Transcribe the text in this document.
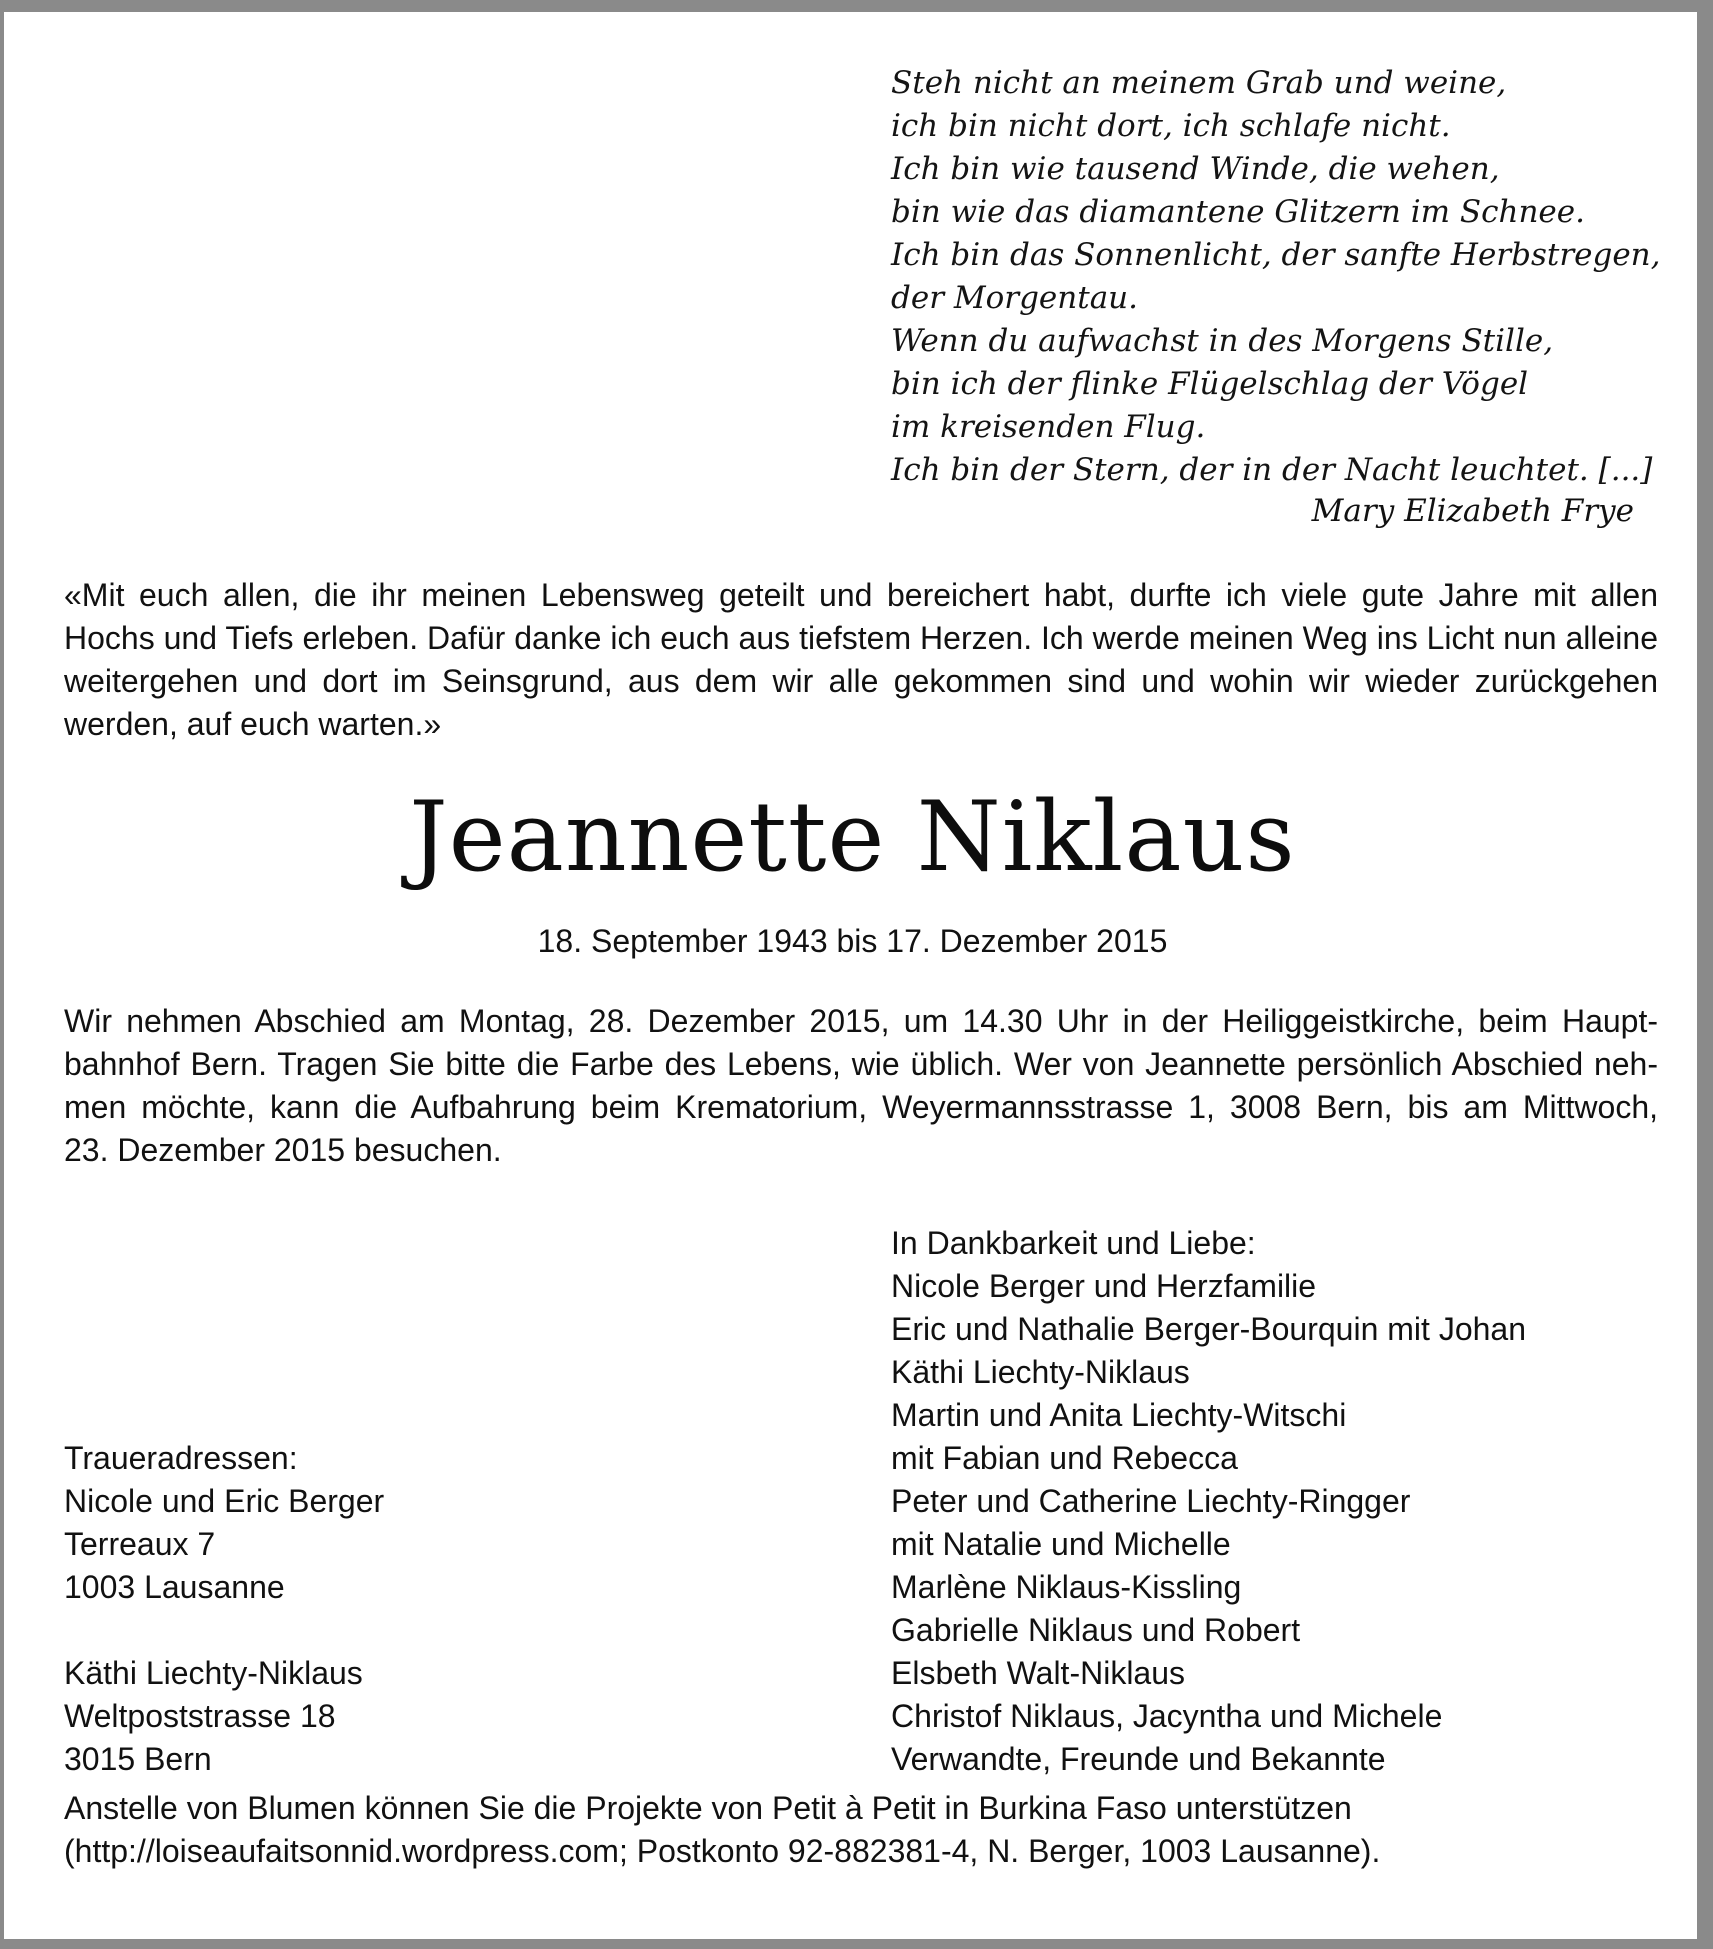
Steh nicht an meinem Grab und weine,
ich bin nicht dort, ich schlafe nicht.
Ich bin wie tausend Winde, die wehen,
bin wie das diamantene Glitzern im Schnee.
Ich bin das Sonnenlicht, der sanfte Herbstregen,
der Morgentau.
Wenn du aufwachst in des Morgens Stille,
bin ich der flinke Flügelschlag der Vögel
im kreisenden Flug.
Ich bin der Stern, der in der Nacht leuchtet. [...]
Mary Elizabeth Frye
«Mit euch allen, die ihr meinen Lebensweg geteilt und bereichert habt, durfte ich viele gute Jahre mit allen
Hochs und Tiefs erleben. Dafür danke ich euch aus tiefstem Herzen. Ich werde meinen Weg ins Licht nun alleine
weitergehen und dort im Seinsgrund, aus dem wir alle gekommen sind und wohin wir wieder zurückgehen
werden, auf euch warten.»
Jeannette Niklaus
18. September 1943 bis 17. Dezember 2015
Wir nehmen Abschied am Montag, 28. Dezember 2015, um 14.30 Uhr in der Heiliggeistkirche, beim Haupt-
bahnhof Bern. Tragen Sie bitte die Farbe des Lebens, wie üblich. Wer von Jeannette persönlich Abschied neh-
men möchte, kann die Aufbahrung beim Krematorium, Weyermannsstrasse 1, 3008 Bern, bis am Mittwoch,
23. Dezember 2015 besuchen.
In Dankbarkeit und Liebe:
Nicole Berger und Herzfamilie
Eric und Nathalie Berger-Bourquin mit Johan
Käthi Liechty-Niklaus
Martin und Anita Liechty-Witschi
mit Fabian und Rebecca
Peter und Catherine Liechty-Ringger
mit Natalie und Michelle
Marlène Niklaus-Kissling
Gabrielle Niklaus und Robert
Elsbeth Walt-Niklaus
Christof Niklaus, Jacyntha und Michele
Verwandte, Freunde und Bekannte
Traueradressen:
Nicole und Eric Berger
Terreaux 7
1003 Lausanne
Käthi Liechty-Niklaus
Weltpoststrasse 18
3015 Bern
Anstelle von Blumen können Sie die Projekte von Petit à Petit in Burkina Faso unterstützen
(http://loiseaufaitsonnid.wordpress.com; Postkonto 92-882381-4, N. Berger, 1003 Lausanne).
